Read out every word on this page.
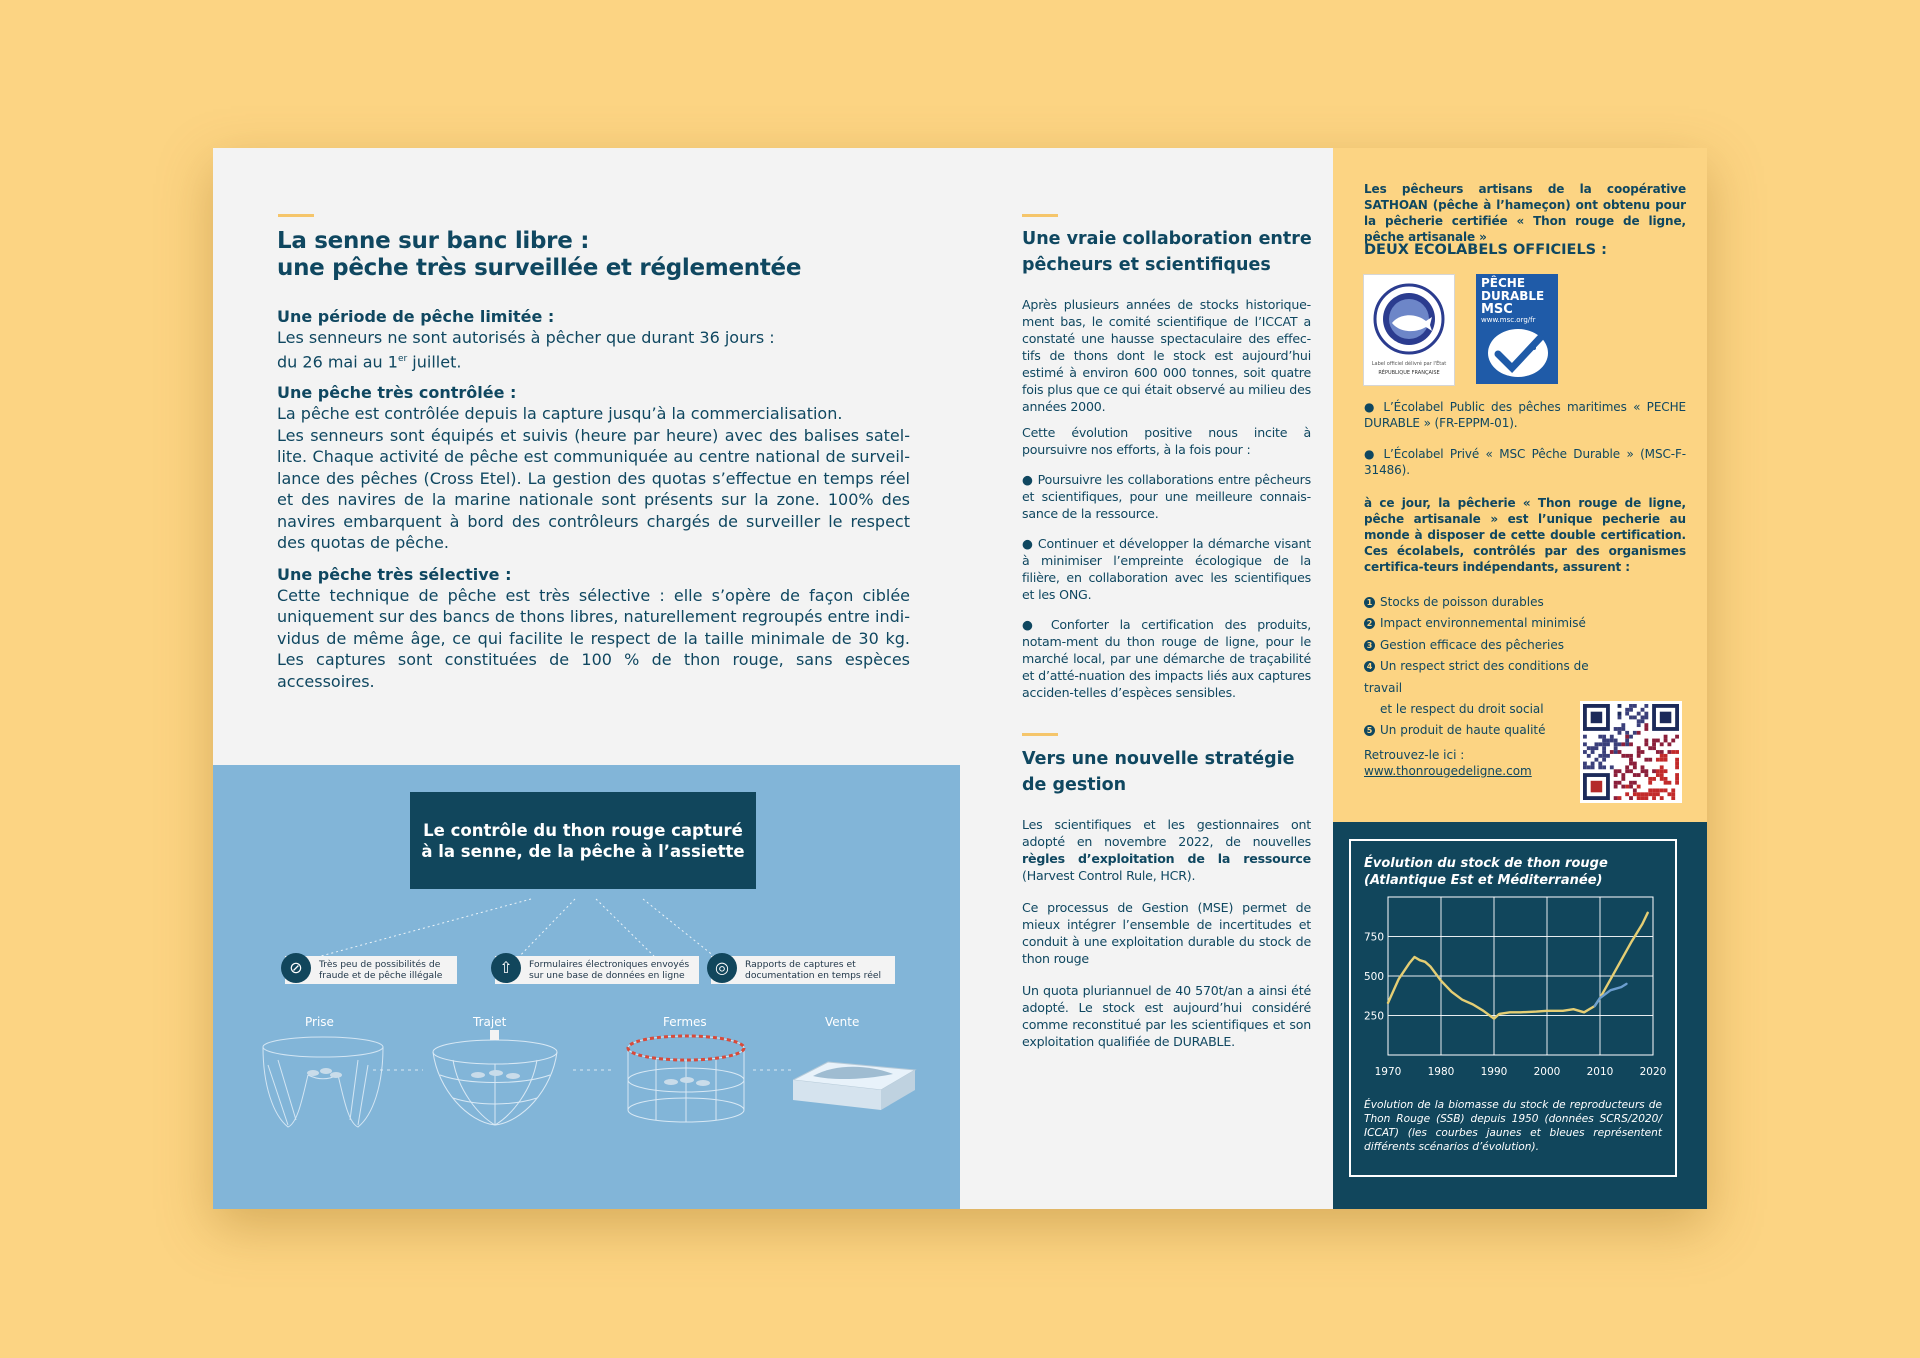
La senne sur banc libre :
une pêche très surveillée et réglementée
Une période de pêche limitée :
Les senneurs ne sont autorisés à pêcher que durant 36 jours :
du 26 mai au 1er juillet.
Une pêche très contrôlée :
La pêche est contrôlée depuis la capture jusqu’à la commercialisation.
Les senneurs sont équipés et suivis (heure par heure) avec des balises satel-lite. Chaque activité de pêche est communiquée au centre national de surveil-lance des pêches (Cross Etel). La gestion des quotas s’effectue en temps réel et des navires de la marine nationale sont présents sur la zone. 100% des navires embarquent à bord des contrôleurs chargés de surveiller le respect des quotas de pêche.
Une pêche très sélective :
Cette technique de pêche est très sélective : elle s’opère de façon ciblée uniquement sur des bancs de thons libres, naturellement regroupés entre indi-vidus de même âge, ce qui facilite le respect de la taille minimale de 30 kg. Les captures sont constituées de 100 % de thon rouge, sans espèces accessoires.
Le contrôle du thon rouge capturé
à la senne, de la pêche à l’assiette
⊘	Très peu de possibilités de
fraude et de pêche illégale	⇧	Formulaires électroniques envoyés
sur une base de données en ligne	◎	Rapports de captures et
documentation en temps réel
Prise	Trajet	Fermes	Vente
Une vraie collaboration entre
pêcheurs et scientifiques
Après plusieurs années de stocks historique-ment bas, le comité scientifique de l’ICCAT a constaté une hausse spectaculaire des effec-tifs de thons dont le stock est aujourd’hui estimé à environ 600 000 tonnes, soit quatre fois plus que ce qui était observé au milieu des années 2000.
Cette évolution positive nous incite à poursuivre nos efforts, à la fois pour :
● Poursuivre les collaborations entre pêcheurs et scientifiques, pour une meilleure connais-sance de la ressource.
● Continuer et développer la démarche visant à minimiser l’empreinte écologique de la filière, en collaboration avec les scientifiques et les ONG.
● Conforter la certification des produits, notam-ment du thon rouge de ligne, pour le marché local, par une démarche de traçabilité et d’atté-nuation des impacts liés aux captures acciden-telles d’espèces sensibles.
Vers une nouvelle stratégie
de gestion
Les scientifiques et les gestionnaires ont adopté en novembre 2022, de nouvelles règles d’exploitation de la ressource (Harvest Control Rule, HCR).
Ce processus de Gestion (MSE) permet de mieux intégrer l’ensemble de incertitudes et conduit à une exploitation durable du stock de thon rouge
Un quota pluriannuel de 40 570t/an a ainsi été adopté. Le stock est aujourd’hui considéré comme reconstitué par les scientifiques et son exploitation qualifiée de DURABLE.
Les pêcheurs artisans de la coopérative SATHOAN (pêche à l’hameçon) ont obtenu pour la pêcherie certifiée « Thon rouge de ligne, pêche artisanale »
DEUX ECOLABELS OFFICIELS :
Label officiel délivré par l'État
RÉPUBLIQUE FRANÇAISE
PÊCHE
DURABLE
MSC
www.msc.org/fr
● L’Écolabel Public des pêches maritimes « PECHE DURABLE » (FR-EPPM-01).
● L’Écolabel Privé « MSC Pêche Durable » (MSC-F-31486).
à ce jour, la pêcherie « Thon rouge de ligne, pêche artisanale » est l’unique pecherie au monde à disposer de cette double certification. Ces écolabels, contrôlés par des organismes certifica-teurs indépendants, assurent :
1 Stocks de poisson durables
2 Impact environnemental minimisé
3 Gestion efficace des pêcheries
4 Un respect strict des conditions de travail
et le respect du droit social
5 Un produit de haute qualité
Retrouvez-le ici :
www.thonrougedeligne.com
Évolution du stock de thon rouge
(Atlantique Est et Méditerranée)
1970	1980	1990	2000	2010	2020
250
500
750
Évolution de la biomasse du stock de reproducteurs de Thon Rouge (SSB) depuis 1950 (données SCRS/2020/ ICCAT) (les courbes jaunes et bleues représentent différents scénarios d’évolution).
